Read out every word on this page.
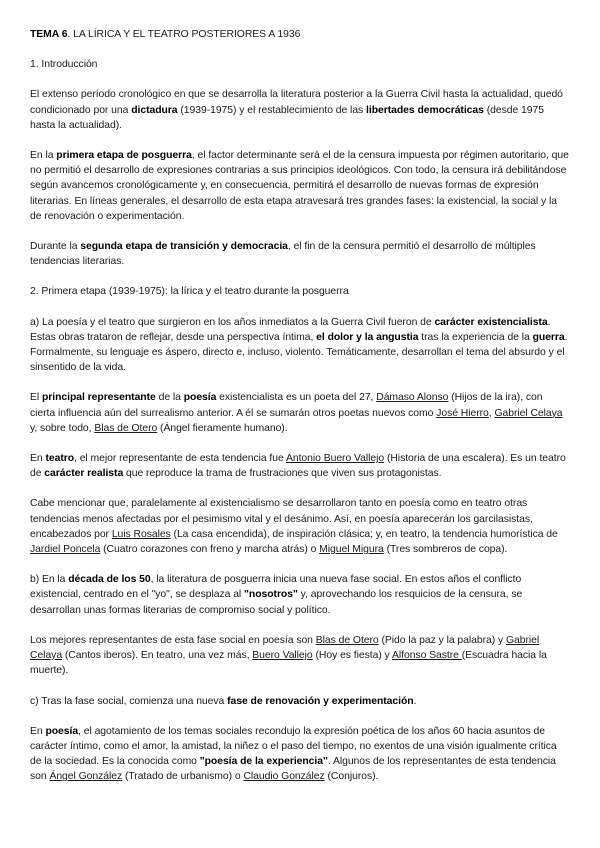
TEMA 6. LA LÍRICA Y EL TEATRO POSTERIORES A 1936

1. Introducción

El extenso período cronológico en que se desarrolla la literatura posterior a la Guerra Civil hasta la actualidad, quedó condicionado por una dictadura (1939-1975) y el restablecimiento de las libertades democráticas (desde 1975 hasta la actualidad).

En la primera etapa de posguerra, el factor determinante será el de la censura impuesta por régimen autoritario, que no permitió el desarrollo de expresiones contrarias a sus principios ideológicos. Con todo, la censura irá debilitándose según avancemos cronológicamente y, en consecuencia, permitirá el desarrollo de nuevas formas de expresión literarias. En líneas generales, el desarrollo de esta etapa atravesará tres grandes fases: la existencial, la social y la de renovación o experimentación.

Durante la segunda etapa de transición y democracia, el fin de la censura permitió el desarrollo de múltiples tendencias literarias.

2. Primera etapa (1939-1975): la lírica y el teatro durante la posguerra

a) La poesía y el teatro que surgieron en los años inmediatos a la Guerra Civil fueron de carácter existencialista. Estas obras trataron de reflejar, desde una perspectiva íntima, el dolor y la angustia tras la experiencia de la guerra. Formalmente, su lenguaje es áspero, directo e, incluso, violento. Temáticamente, desarrollan el tema del absurdo y el sinsentido de la vida.

El principal representante de la poesía existencialista es un poeta del 27, Dámaso Alonso (Hijos de la ira), con cierta influencia aún del surrealismo anterior. A él se sumarán otros poetas nuevos como José Hierro, Gabriel Celaya y, sobre todo, Blas de Otero (Ángel fieramente humano).

En teatro, el mejor representante de esta tendencia fue Antonio Buero Vallejo (Historia de una escalera). Es un teatro de carácter realista que reproduce la trama de frustraciones que viven sus protagonistas.

Cabe mencionar que, paralelamente al existencialismo se desarrollaron tanto en poesía como en teatro otras tendencias menos afectadas por el pesimismo vital y el desánimo. Así, en poesía aparecerán los garcilasistas, encabezados por Luis Rosales (La casa encendida), de inspiración clásica; y, en teatro, la tendencia humorística de Jardiel Poncela (Cuatro corazones con freno y marcha atrás) o Miguel Migura (Tres sombreros de copa).

b) En la década de los 50, la literatura de posguerra inicia una nueva fase social. En estos años el conflicto existencial, centrado en el "yo", se desplaza al "nosotros" y, aprovechando los resquicios de la censura, se desarrollan unas formas literarias de compromiso social y político.

Los mejores representantes de esta fase social en poesía son Blas de Otero (Pido la paz y la palabra) y Gabriel Celaya (Cantos iberos). En teatro, una vez más, Buero Vallejo (Hoy es fiesta) y Alfonso Sastre (Escuadra hacia la muerte).

c) Tras la fase social, comienza una nueva fase de renovación y experimentación.

En poesía, el agotamiento de los temas sociales recondujo la expresión poética de los años 60 hacia asuntos de carácter íntimo, como el amor, la amistad, la niñez o el paso del tiempo, no exentos de una visión igualmente crítica de la sociedad. Es la conocida como "poesía de la experiencia". Algunos de los representantes de esta tendencia son Ángel González (Tratado de urbanismo) o Claudio González (Conjuros).
